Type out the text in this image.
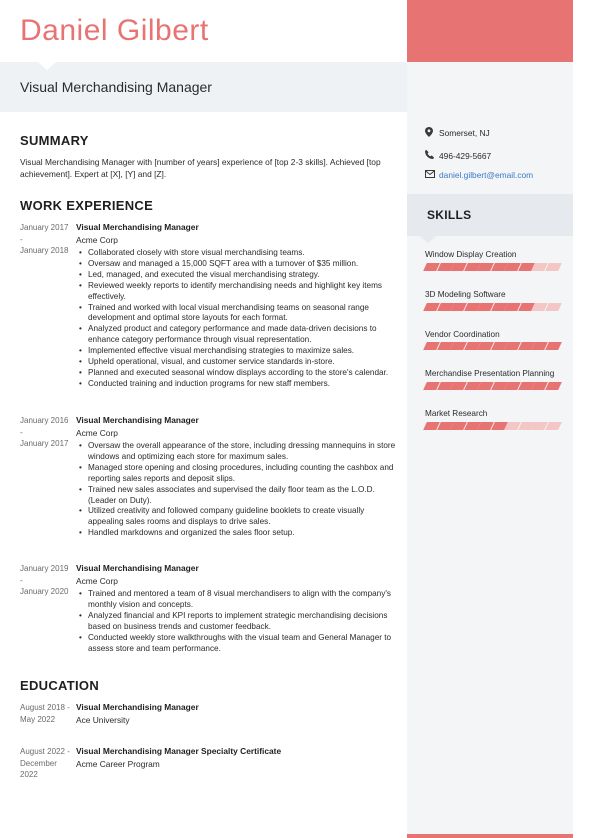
Daniel Gilbert
Visual Merchandising Manager
SUMMARY
Visual Merchandising Manager with [number of years] experience of [top 2-3 skills]. Achieved [top achievement]. Expert at [X], [Y] and [Z].
WORK EXPERIENCE
January 2017
-
January 2018
Visual Merchandising Manager
Acme Corp
• Collaborated closely with store visual merchandising teams.
• Oversaw and managed a 15,000 SQFT area with a turnover of $35 million.
• Led, managed, and executed the visual merchandising strategy.
• Reviewed weekly reports to identify merchandising needs and highlight key items effectively.
• Trained and worked with local visual merchandising teams on seasonal range development and optimal store layouts for each format.
• Analyzed product and category performance and made data-driven decisions to enhance category performance through visual representation.
• Implemented effective visual merchandising strategies to maximize sales.
• Upheld operational, visual, and customer service standards in-store.
• Planned and executed seasonal window displays according to the store's calendar.
• Conducted training and induction programs for new staff members.
January 2016
-
January 2017
Visual Merchandising Manager
Acme Corp
• Oversaw the overall appearance of the store, including dressing mannequins in store windows and optimizing each store for maximum sales.
• Managed store opening and closing procedures, including counting the cashbox and reporting sales reports and deposit slips.
• Trained new sales associates and supervised the daily floor team as the L.O.D. (Leader on Duty).
• Utilized creativity and followed company guideline booklets to create visually appealing sales rooms and displays to drive sales.
• Handled markdowns and organized the sales floor setup.
January 2019
-
January 2020
Visual Merchandising Manager
Acme Corp
• Trained and mentored a team of 8 visual merchandisers to align with the company's monthly vision and concepts.
• Analyzed financial and KPI reports to implement strategic merchandising decisions based on business trends and customer feedback.
• Conducted weekly store walkthroughs with the visual team and General Manager to assess store and team performance.
EDUCATION
August 2018 -
May 2022
Visual Merchandising Manager
Ace University
August 2022 -
December 2022
Visual Merchandising Manager Specialty Certificate
Acme Career Program
Somerset, NJ
496-429-5667
daniel.gilbert@email.com
SKILLS
Window Display Creation
3D Modeling Software
Vendor Coordination
Merchandise Presentation Planning
Market Research
